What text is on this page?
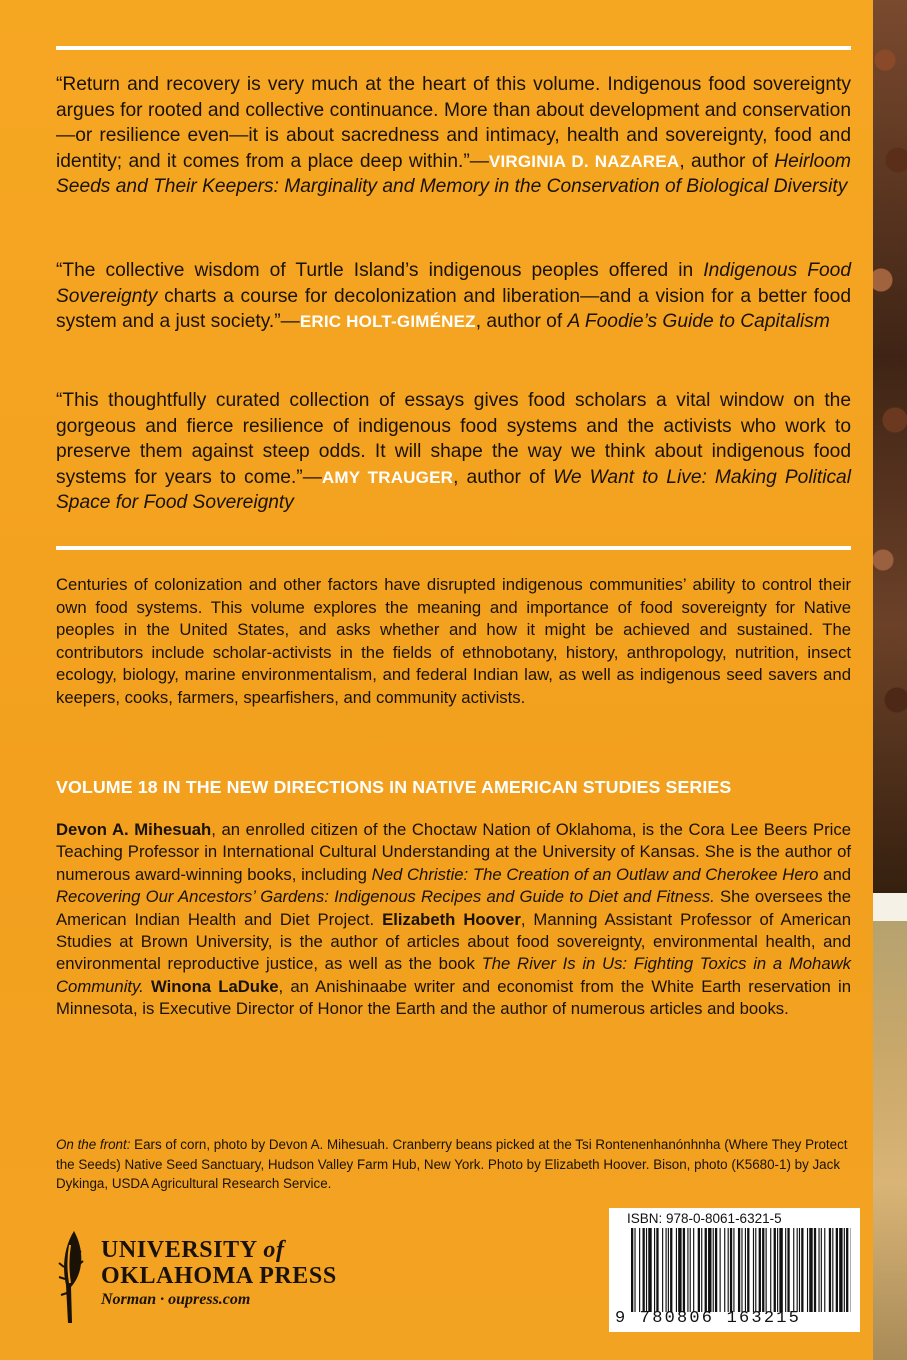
“Return and recovery is very much at the heart of this volume. Indigenous food sovereignty argues for rooted and collective continuance. More than about development and conservation—or resilience even—it is about sacredness and intimacy, health and sovereignty, food and identity; and it comes from a place deep within.”—VIRGINIA D. NAZAREA, author of Heirloom Seeds and Their Keepers: Marginality and Memory in the Conservation of Biological Diversity

“The collective wisdom of Turtle Island’s indigenous peoples offered in Indigenous Food Sovereignty charts a course for decolonization and liberation—and a vision for a better food system and a just society.”—ERIC HOLT-GIMÉNEZ, author of A Foodie’s Guide to Capitalism

“This thoughtfully curated collection of essays gives food scholars a vital window on the gorgeous and fierce resilience of indigenous food systems and the activists who work to preserve them against steep odds. It will shape the way we think about indigenous food systems for years to come.”—AMY TRAUGER, author of We Want to Live: Making Political Space for Food Sovereignty

Centuries of colonization and other factors have disrupted indigenous communities’ ability to control their own food systems. This volume explores the meaning and importance of food sovereignty for Native peoples in the United States, and asks whether and how it might be achieved and sustained. The contributors include scholar-activists in the fields of ethnobotany, history, anthropology, nutrition, insect ecology, biology, marine environmentalism, and federal Indian law, as well as indigenous seed savers and keepers, cooks, farmers, spearfishers, and community activists.

VOLUME 18 IN THE NEW DIRECTIONS IN NATIVE AMERICAN STUDIES SERIES

Devon A. Mihesuah, an enrolled citizen of the Choctaw Nation of Oklahoma, is the Cora Lee Beers Price Teaching Professor in International Cultural Understanding at the University of Kansas. She is the author of numerous award-winning books, including Ned Christie: The Creation of an Outlaw and Cherokee Hero and Recovering Our Ancestors’ Gardens: Indigenous Recipes and Guide to Diet and Fitness. She oversees the American Indian Health and Diet Project. Elizabeth Hoover, Manning Assistant Professor of American Studies at Brown University, is the author of articles about food sovereignty, environmental health, and environmental reproductive justice, as well as the book The River Is in Us: Fighting Toxics in a Mohawk Community. Winona LaDuke, an Anishinaabe writer and economist from the White Earth reservation in Minnesota, is Executive Director of Honor the Earth and the author of numerous articles and books.

On the front: Ears of corn, photo by Devon A. Mihesuah. Cranberry beans picked at the Tsi Rontenenhanónhnha (Where They Protect the Seeds) Native Seed Sanctuary, Hudson Valley Farm Hub, New York. Photo by Elizabeth Hoover. Bison, photo (K5680-1) by Jack Dykinga, USDA Agricultural Research Service.

UNIVERSITY of
OKLAHOMA PRESS
Norman · oupress.com
ISBN: 978-0-8061-6321-5
9 780806 163215
